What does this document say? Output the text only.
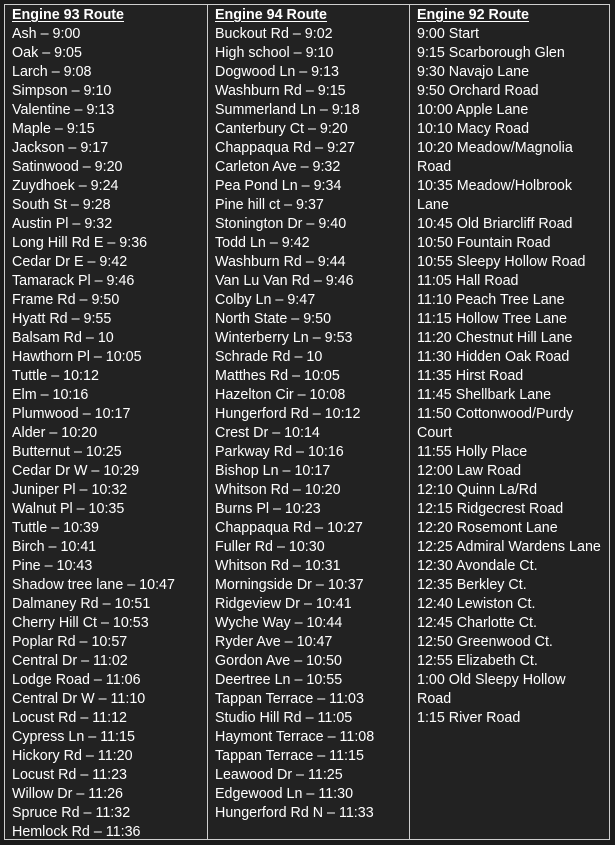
Engine 93 Route
Ash – 9:00
Oak – 9:05
Larch – 9:08
Simpson – 9:10
Valentine – 9:13
Maple – 9:15
Jackson – 9:17
Satinwood – 9:20
Zuydhoek – 9:24
South St – 9:28
Austin Pl – 9:32
Long Hill Rd E – 9:36
Cedar Dr E – 9:42
Tamarack Pl – 9:46
Frame Rd – 9:50
Hyatt Rd – 9:55
Balsam Rd – 10
Hawthorn Pl – 10:05
Tuttle – 10:12
Elm – 10:16
Plumwood – 10:17
Alder – 10:20
Butternut – 10:25
Cedar Dr W – 10:29
Juniper Pl – 10:32
Walnut Pl – 10:35
Tuttle – 10:39
Birch – 10:41
Pine – 10:43
Shadow tree lane – 10:47
Dalmaney Rd – 10:51
Cherry Hill Ct – 10:53
Poplar Rd – 10:57
Central Dr – 11:02
Lodge Road – 11:06
Central Dr W – 11:10
Locust Rd – 11:12
Cypress Ln – 11:15
Hickory Rd – 11:20
Locust Rd – 11:23
Willow Dr – 11:26
Spruce Rd – 11:32
Hemlock Rd – 11:36
Engine 94 Route
Buckout Rd – 9:02
High school – 9:10
Dogwood Ln – 9:13
Washburn Rd – 9:15
Summerland Ln – 9:18
Canterbury Ct – 9:20
Chappaqua Rd – 9:27
Carleton Ave – 9:32
Pea Pond Ln – 9:34
Pine hill ct – 9:37
Stonington Dr – 9:40
Todd Ln – 9:42
Washburn Rd – 9:44
Van Lu Van Rd – 9:46
Colby Ln – 9:47
North State – 9:50
Winterberry Ln – 9:53
Schrade Rd – 10
Matthes Rd – 10:05
Hazelton Cir – 10:08
Hungerford Rd – 10:12
Crest Dr – 10:14
Parkway Rd – 10:16
Bishop Ln – 10:17
Whitson Rd – 10:20
Burns Pl – 10:23
Chappaqua Rd – 10:27
Fuller Rd – 10:30
Whitson Rd – 10:31
Morningside Dr – 10:37
Ridgeview Dr – 10:41
Wyche Way – 10:44
Ryder Ave – 10:47
Gordon Ave – 10:50
Deertree Ln – 10:55
Tappan Terrace – 11:03
Studio Hill Rd – 11:05
Haymont Terrace – 11:08
Tappan Terrace – 11:15
Leawood Dr – 11:25
Edgewood Ln – 11:30
Hungerford Rd N – 11:33
Engine 92 Route
9:00 Start
9:15 Scarborough Glen
9:30 Navajo Lane
9:50 Orchard Road
10:00 Apple Lane
10:10 Macy Road
10:20 Meadow/Magnolia Road
10:35 Meadow/Holbrook Lane
10:45 Old Briarcliff Road
10:50 Fountain Road
10:55 Sleepy Hollow Road
11:05 Hall Road
11:10 Peach Tree Lane
11:15 Hollow Tree Lane
11:20 Chestnut Hill Lane
11:30 Hidden Oak Road
11:35 Hirst Road
11:45 Shellbark Lane
11:50 Cottonwood/Purdy Court
11:55 Holly Place
12:00 Law Road
12:10 Quinn La/Rd
12:15 Ridgecrest Road
12:20 Rosemont Lane
12:25 Admiral Wardens Lane
12:30 Avondale Ct.
12:35 Berkley Ct.
12:40 Lewiston Ct.
12:45 Charlotte Ct.
12:50 Greenwood Ct.
12:55 Elizabeth Ct.
1:00 Old Sleepy Hollow Road
1:15 River Road
